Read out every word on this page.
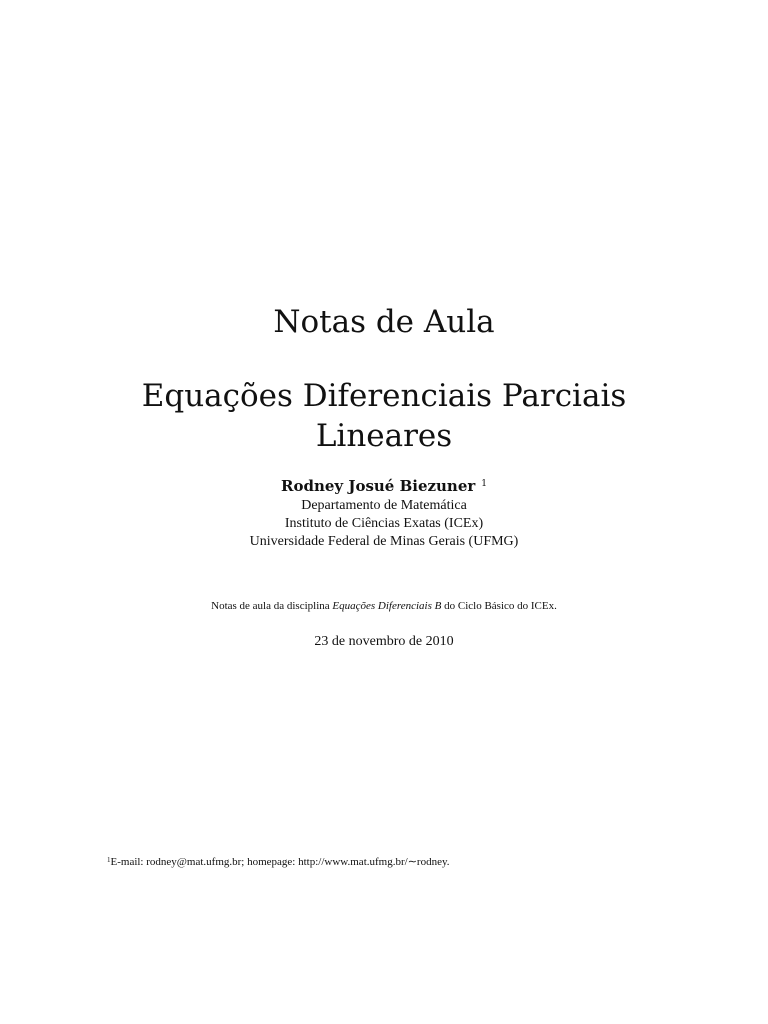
Notas de Aula
Equações Diferenciais Parciais
Lineares
Rodney Josué Biezuner $^1$
Departamento de Matemática
Instituto de Ciências Exatas (ICEx)
Universidade Federal de Minas Gerais (UFMG)
Notas de aula da disciplina Equações Diferenciais B do Ciclo Básico do ICEx.
23 de novembro de 2010
$^1$E-mail: rodney@mat.ufmg.br; homepage: http://www.mat.ufmg.br/∼rodney.
